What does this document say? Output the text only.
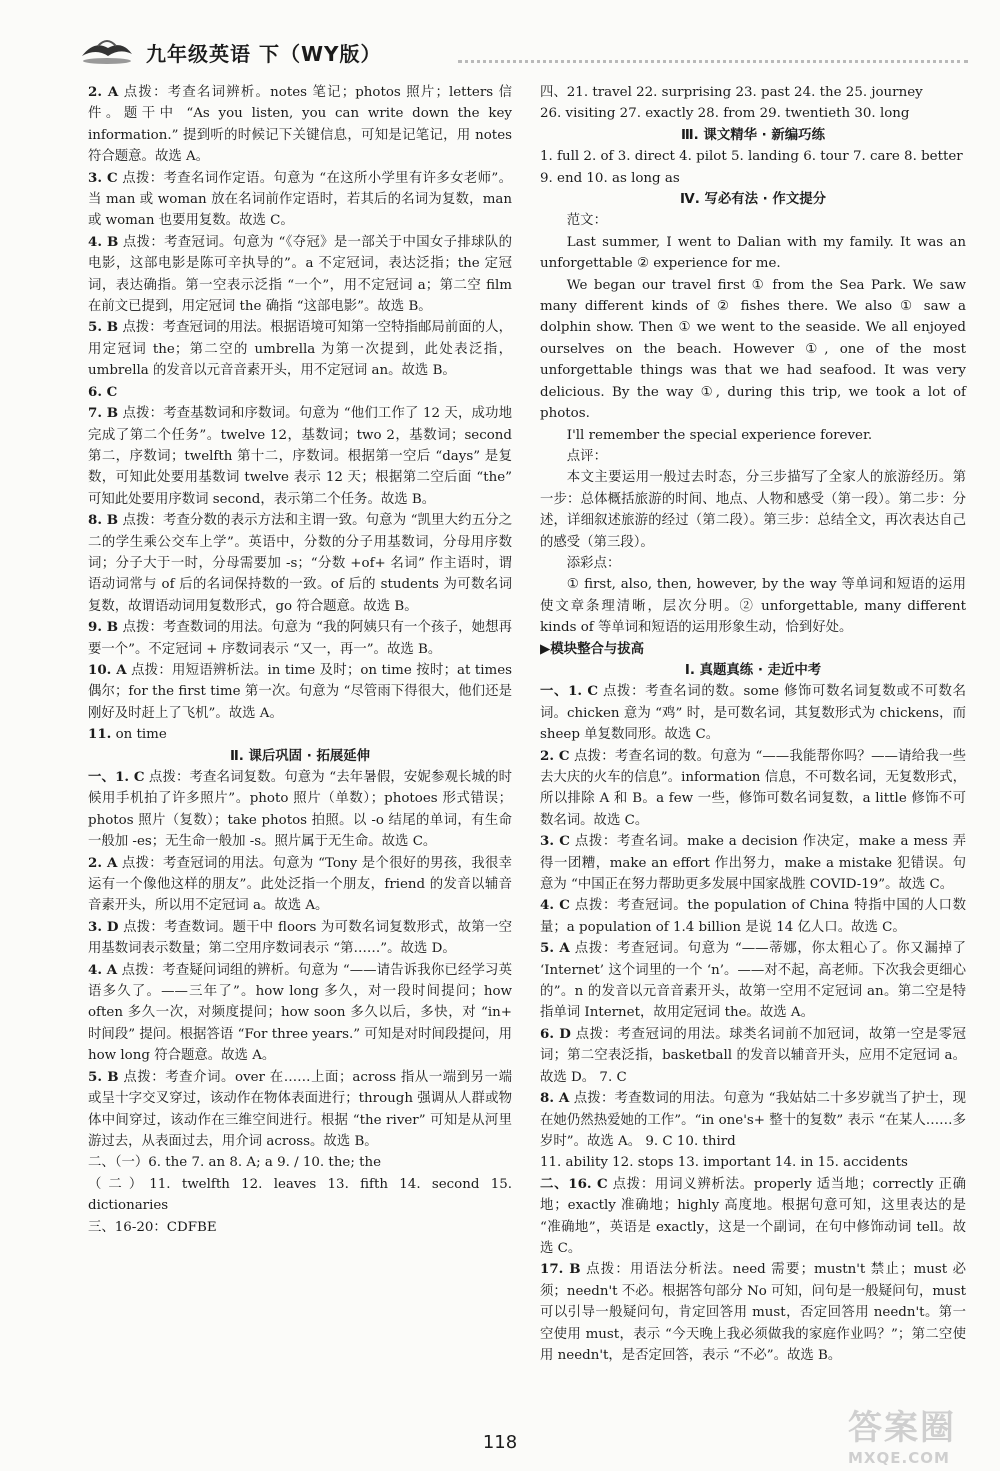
九年级英语 下（WY版）

2. A 点拨：考查名词辨析。notes 笔记；photos 照片；letters 信件。题干中 “As you listen, you can write down the key information.” 提到听的时候记下关键信息，可知是记笔记，用 notes 符合题意。故选 A。

3. C 点拨：考查名词作定语。句意为 “在这所小学里有许多女老师”。当 man 或 woman 放在名词前作定语时，若其后的名词为复数，man 或 woman 也要用复数。故选 C。

4. B 点拨：考查冠词。句意为 “《夺冠》是一部关于中国女子排球队的电影，这部电影是陈可辛执导的”。a 不定冠词，表达泛指；the 定冠词，表达确指。第一空表示泛指 “一个”，用不定冠词 a；第二空 film 在前文已提到，用定冠词 the 确指 “这部电影”。故选 B。

5. B 点拨：考查冠词的用法。根据语境可知第一空特指邮局前面的人，用定冠词 the；第二空的 umbrella 为第一次提到，此处表泛指，umbrella 的发音以元音音素开头，用不定冠词 an。故选 B。

6. C

7. B 点拨：考查基数词和序数词。句意为 “他们工作了 12 天，成功地完成了第二个任务”。twelve 12，基数词；two 2，基数词；second 第二，序数词；twelfth 第十二，序数词。根据第一空后 “days” 是复数，可知此处要用基数词 twelve 表示 12 天；根据第二空后面 “the” 可知此处要用序数词 second，表示第二个任务。故选 B。

8. B 点拨：考查分数的表示方法和主谓一致。句意为 “凯里大约五分之二的学生乘公交车上学”。英语中，分数的分子用基数词，分母用序数词；分子大于一时，分母需要加 -s；“分数 +of+ 名词” 作主语时，谓语动词常与 of 后的名词保持数的一致。of 后的 students 为可数名词复数，故谓语动词用复数形式，go 符合题意。故选 B。

9. B 点拨：考查数词的用法。句意为 “我的阿姨只有一个孩子，她想再要一个”。不定冠词 + 序数词表示 “又一，再一”。故选 B。

10. A 点拨：用短语辨析法。in time 及时；on time 按时；at times 偶尔；for the first time 第一次。句意为 “尽管雨下得很大，他们还是刚好及时赶上了飞机”。故选 A。

11. on time

Ⅱ. 课后巩固 · 拓展延伸

一、1. C 点拨：考查名词复数。句意为 “去年暑假，安妮参观长城的时候用手机拍了许多照片”。photo 照片（单数）；photoes 形式错误；photos 照片（复数）；take photos 拍照。以 -o 结尾的单词，有生命一般加 -es；无生命一般加 -s。照片属于无生命。故选 C。

2. A 点拨：考查冠词的用法。句意为 “Tony 是个很好的男孩，我很幸运有一个像他这样的朋友”。此处泛指一个朋友，friend 的发音以辅音音素开头，所以用不定冠词 a。故选 A。

3. D 点拨：考查数词。题干中 floors 为可数名词复数形式，故第一空用基数词表示数量；第二空用序数词表示 “第……”。故选 D。

4. A 点拨：考查疑问词组的辨析。句意为 “——请告诉我你已经学习英语多久了。——三年了”。how long 多久，对一段时间提问；how often 多久一次，对频度提问；how soon 多久以后，多快，对 “in+ 时间段” 提问。根据答语 “For three years.” 可知是对时间段提问，用 how long 符合题意。故选 A。

5. B 点拨：考查介词。over 在……上面；across 指从一端到另一端或呈十字交叉穿过，该动作在物体表面进行；through 强调从人群或物体中间穿过，该动作在三维空间进行。根据 “the river” 可知是从河里游过去，从表面过去，用介词 across。故选 B。

二、（一）6. the 7. an 8. A; a 9. / 10. the; the

（二）11. twelfth 12. leaves 13. fifth 14. second 15. dictionaries

三、16-20：CDFBE

四、21. travel 22. surprising 23. past 24. the 25. journey

26. visiting 27. exactly 28. from 29. twentieth 30. long

Ⅲ. 课文精华 · 新编巧练

1. full 2. of 3. direct 4. pilot 5. landing 6. tour 7. care 8. better

9. end 10. as long as

Ⅳ. 写必有法 · 作文提分

范文：

Last summer, I went to Dalian with my family. It was an unforgettable ② experience for me.

We began our travel first ① from the Sea Park. We saw many different kinds of ② fishes there. We also ① saw a dolphin show. Then ① we went to the seaside. We all enjoyed ourselves on the beach. However ①, one of the most unforgettable things was that we had seafood. It was very delicious. By the way ①, during this trip, we took a lot of photos.

I'll remember the special experience forever.

点评：

本文主要运用一般过去时态，分三步描写了全家人的旅游经历。第一步：总体概括旅游的时间、地点、人物和感受（第一段）。第二步：分述，详细叙述旅游的经过（第二段）。第三步：总结全文，再次表达自己的感受（第三段）。

添彩点：

① first, also, then, however, by the way 等单词和短语的运用使文章条理清晰，层次分明。② unforgettable, many different kinds of 等单词和短语的运用形象生动，恰到好处。

▶模块整合与拔高

Ⅰ. 真题真练 · 走近中考

一、1. C 点拨：考查名词的数。some 修饰可数名词复数或不可数名词。chicken 意为 “鸡” 时，是可数名词，其复数形式为 chickens，而 sheep 单复数同形。故选 C。

2. C 点拨：考查名词的数。句意为 “——我能帮你吗？——请给我一些去大庆的火车的信息”。information 信息，不可数名词，无复数形式，所以排除 A 和 B。a few 一些，修饰可数名词复数，a little 修饰不可数名词。故选 C。

3. C 点拨：考查名词。make a decision 作决定，make a mess 弄得一团糟，make an effort 作出努力，make a mistake 犯错误。句意为 “中国正在努力帮助更多发展中国家战胜 COVID-19”。故选 C。

4. C 点拨：考查冠词。the population of China 特指中国的人口数量；a population of 1.4 billion 是说 14 亿人口。故选 C。

5. A 点拨：考查冠词。句意为 “——蒂娜，你太粗心了。你又漏掉了 ‘Internet’ 这个词里的一个 ‘n’。——对不起，高老师。下次我会更细心的”。n 的发音以元音音素开头，故第一空用不定冠词 an。第二空是特指单词 Internet，故用定冠词 the。故选 A。

6. D 点拨：考查冠词的用法。球类名词前不加冠词，故第一空是零冠词；第二空表泛指，basketball 的发音以辅音开头，应用不定冠词 a。故选 D。 7. C

8. A 点拨：考查数词的用法。句意为 “我姑姑二十多岁就当了护士，现在她仍然热爱她的工作”。“in one's+ 整十的复数” 表示 “在某人……多岁时”。故选 A。 9. C 10. third

11. ability 12. stops 13. important 14. in 15. accidents

二、16. C 点拨：用词义辨析法。properly 适当地；correctly 正确地；exactly 准确地；highly 高度地。根据句意可知，这里表达的是 “准确地”，英语是 exactly，这是一个副词，在句中修饰动词 tell。故选 C。

17. B 点拨：用语法分析法。need 需要；mustn't 禁止；must 必须；needn't 不必。根据答句部分 No 可知，问句是一般疑问句，must 可以引导一般疑问句，肯定回答用 must，否定回答用 needn't。第一空使用 must，表示 “今天晚上我必须做我的家庭作业吗？”；第二空使用 needn't，是否定回答，表示 “不必”。故选 B。

118	答案圈
MXQE.COM
